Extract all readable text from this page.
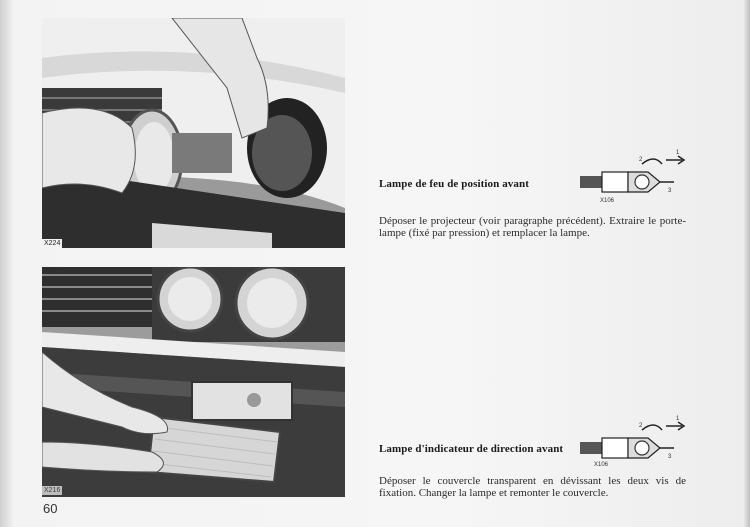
X224
X216
60
Lampe de feu de position avant
2
1
3
X106
Déposer le projecteur (voir paragraphe précédent). Extraire le porte-lampe (fixé par pression) et remplacer la lampe.
Lampe d'indicateur de direction avant
2
1
3
X106
Déposer le couvercle transparent en dévissant les deux vis de fixation. Changer la lampe et remonter le couvercle.
